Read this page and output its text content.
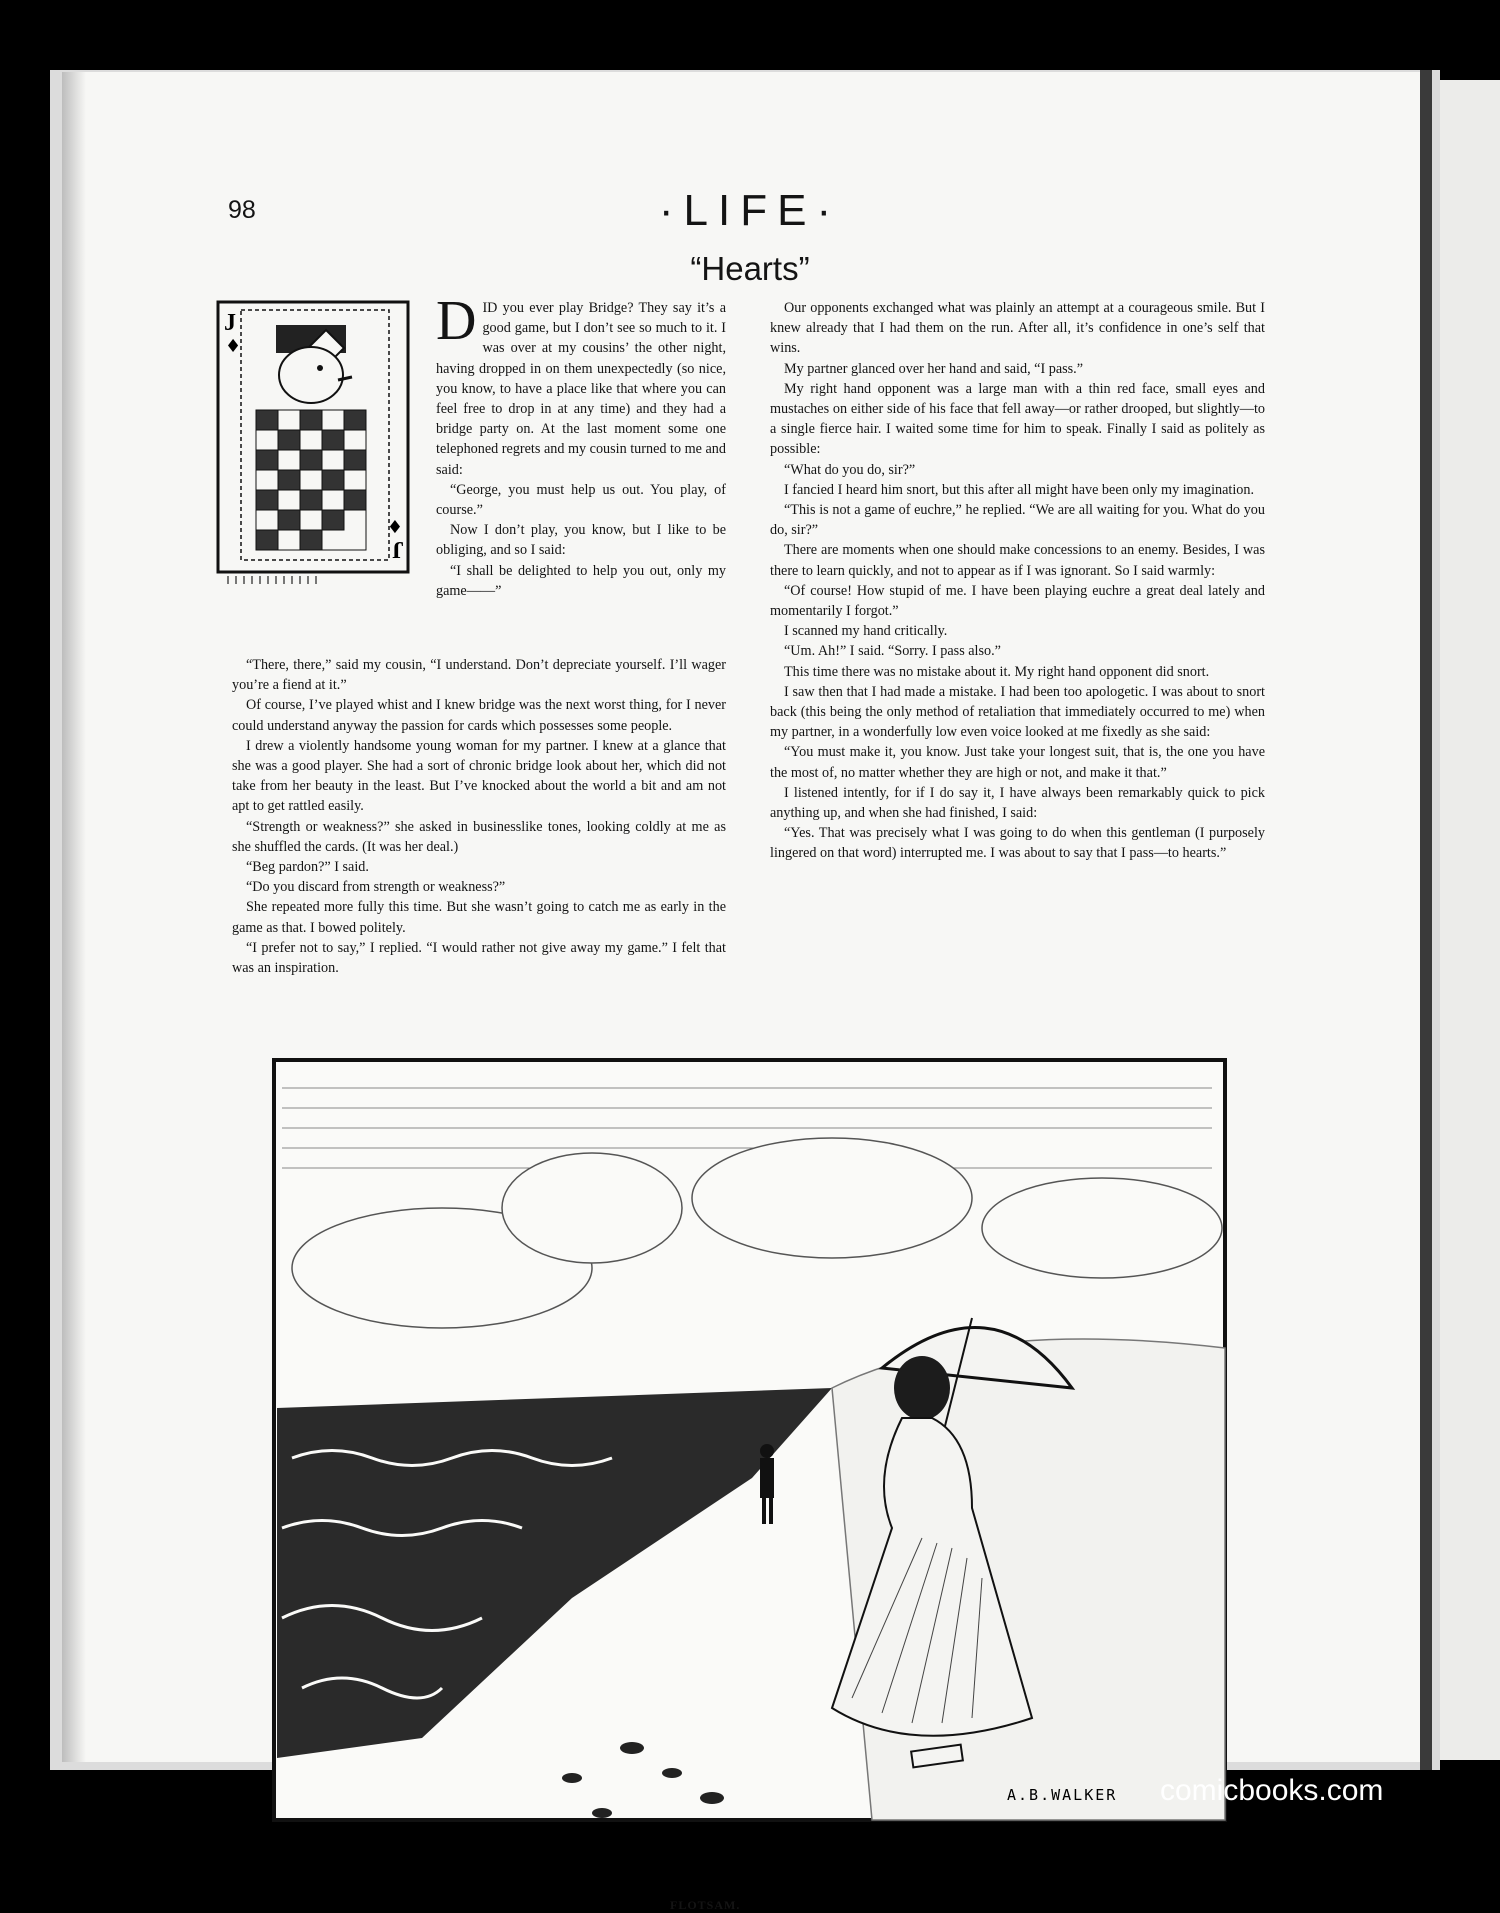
98	·LIFE·
“Hearts”
J
♦
J
♦

DID you ever play Bridge? They say it’s a good game, but I don’t see so much to it. I was over at my cousins’ the other night, having dropped in on them unexpectedly (so nice, you know, to have a place like that where you can feel free to drop in at any time) and they had a bridge party on. At the last moment some one telephoned regrets and my cousin turned to me and said:

“George, you must help us out. You play, of course.”

Now I don’t play, you know, but I like to be obliging, and so I said:

“I shall be delighted to help you out, only my game——”

“There, there,” said my cousin, “I understand. Don’t depreciate yourself. I’ll wager you’re a fiend at it.”

Of course, I’ve played whist and I knew bridge was the next worst thing, for I never could understand anyway the passion for cards which possesses some people.

I drew a violently handsome young woman for my partner. I knew at a glance that she was a good player. She had a sort of chronic bridge look about her, which did not take from her beauty in the least. But I’ve knocked about the world a bit and am not apt to get rattled easily.

“Strength or weakness?” she asked in businesslike tones, looking coldly at me as she shuffled the cards. (It was her deal.)

“Beg pardon?” I said.

“Do you discard from strength or weakness?”

She repeated more fully this time. But she wasn’t going to catch me as early in the game as that. I bowed politely.

“I prefer not to say,” I replied. “I would rather not give away my game.” I felt that was an inspiration.

Our opponents exchanged what was plainly an attempt at a courageous smile. But I knew already that I had them on the run. After all, it’s confidence in one’s self that wins.

My partner glanced over her hand and said, “I pass.”

My right hand opponent was a large man with a thin red face, small eyes and mustaches on either side of his face that fell away—or rather drooped, but slightly—to a single fierce hair. I waited some time for him to speak. Finally I said as politely as possible:

“What do you do, sir?”

I fancied I heard him snort, but this after all might have been only my imagination.

“This is not a game of euchre,” he replied. “We are all waiting for you. What do you do, sir?”

There are moments when one should make concessions to an enemy. Besides, I was there to learn quickly, and not to appear as if I was ignorant. So I said warmly:

“Of course! How stupid of me. I have been playing euchre a great deal lately and momentarily I forgot.”

I scanned my hand critically.

“Um. Ah!” I said. “Sorry. I pass also.”

This time there was no mistake about it. My right hand opponent did snort.

I saw then that I had made a mistake. I had been too apologetic. I was about to snort back (this being the only method of retaliation that immediately occurred to me) when my partner, in a wonderfully low even voice looked at me fixedly as she said:

“You must make it, you know. Just take your longest suit, that is, the one you have the most of, no matter whether they are high or not, and make it that.”

I listened intently, for if I do say it, I have always been remarkably quick to pick anything up, and when she had finished, I said:

“Yes. That was precisely what I was going to do when this gentleman (I purposely lingered on that word) interrupted me. I was about to say that I pass—to hearts.”

A.B.WALKER
FLOTSAM.
comicbooks.com
